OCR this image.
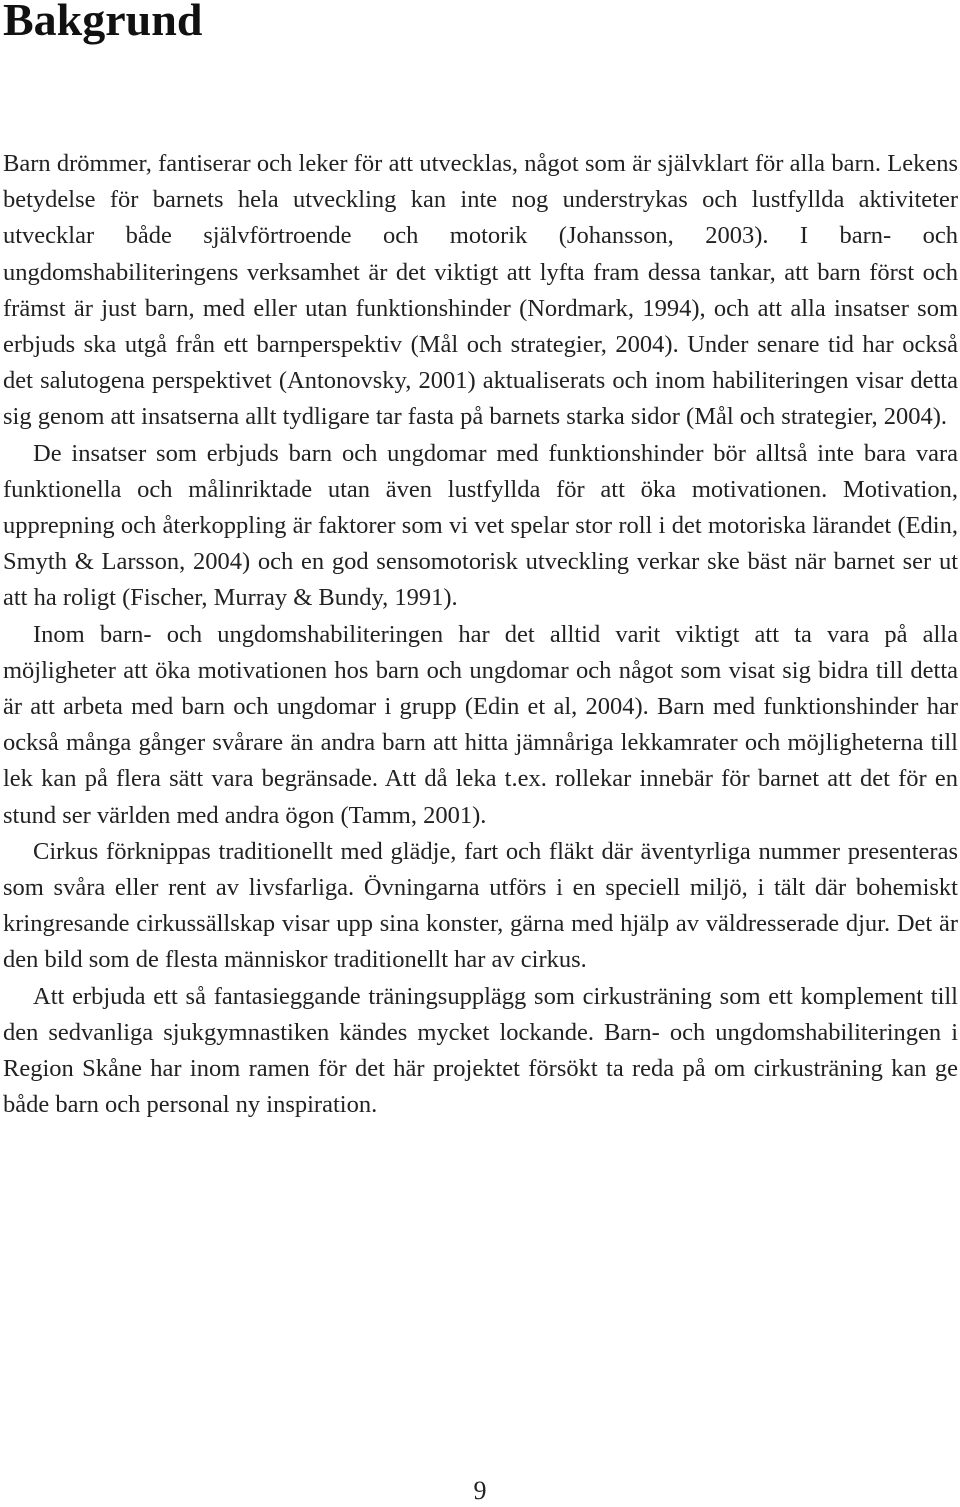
Bakgrund

Barn drömmer, fantiserar och leker för att utvecklas, något som är självklart för alla barn. Lekens betydelse för barnets hela utveckling kan inte nog understrykas och lustfyllda aktiviteter utvecklar både självförtroende och motorik (Johansson, 2003). I barn- och ungdomshabiliteringens verksamhet är det viktigt att lyfta fram dessa tankar, att barn först och främst är just barn, med eller utan funktionshinder (Nordmark, 1994), och att alla insatser som erbjuds ska utgå från ett barnperspektiv (Mål och strategier, 2004). Under senare tid har också det salutogena perspektivet (Antonovsky, 2001) aktualiserats och inom habiliteringen visar detta sig genom att insatserna allt tydligare tar fasta på barnets starka sidor (Mål och strategier, 2004).

De insatser som erbjuds barn och ungdomar med funktionshinder bör alltså inte bara vara funktionella och målinriktade utan även lustfyllda för att öka motivationen. Motivation, upprepning och återkoppling är faktorer som vi vet spelar stor roll i det motoriska lärandet (Edin, Smyth & Larsson, 2004) och en god sensomotorisk utveckling verkar ske bäst när barnet ser ut att ha roligt (Fischer, Murray & Bundy, 1991).

Inom barn- och ungdomshabiliteringen har det alltid varit viktigt att ta vara på alla möjligheter att öka motivationen hos barn och ungdomar och något som visat sig bidra till detta är att arbeta med barn och ungdomar i grupp (Edin et al, 2004). Barn med funktionshinder har också många gånger svårare än andra barn att hitta jämnåriga lekkamrater och möjligheterna till lek kan på flera sätt vara begränsade. Att då leka t.ex. rollekar innebär för barnet att det för en stund ser världen med andra ögon (Tamm, 2001).

Cirkus förknippas traditionellt med glädje, fart och fläkt där äventyrliga nummer presenteras som svåra eller rent av livsfarliga. Övningarna utförs i en speciell miljö, i tält där bohemiskt kringresande cirkussällskap visar upp sina konster, gärna med hjälp av väldresserade djur. Det är den bild som de flesta människor traditionellt har av cirkus.

Att erbjuda ett så fantasieggande träningsupplägg som cirkusträning som ett komplement till den sedvanliga sjukgymnastiken kändes mycket lockande. Barn- och ungdomshabiliteringen i Region Skåne har inom ramen för det här projektet försökt ta reda på om cirkusträning kan ge både barn och personal ny inspiration.

9
